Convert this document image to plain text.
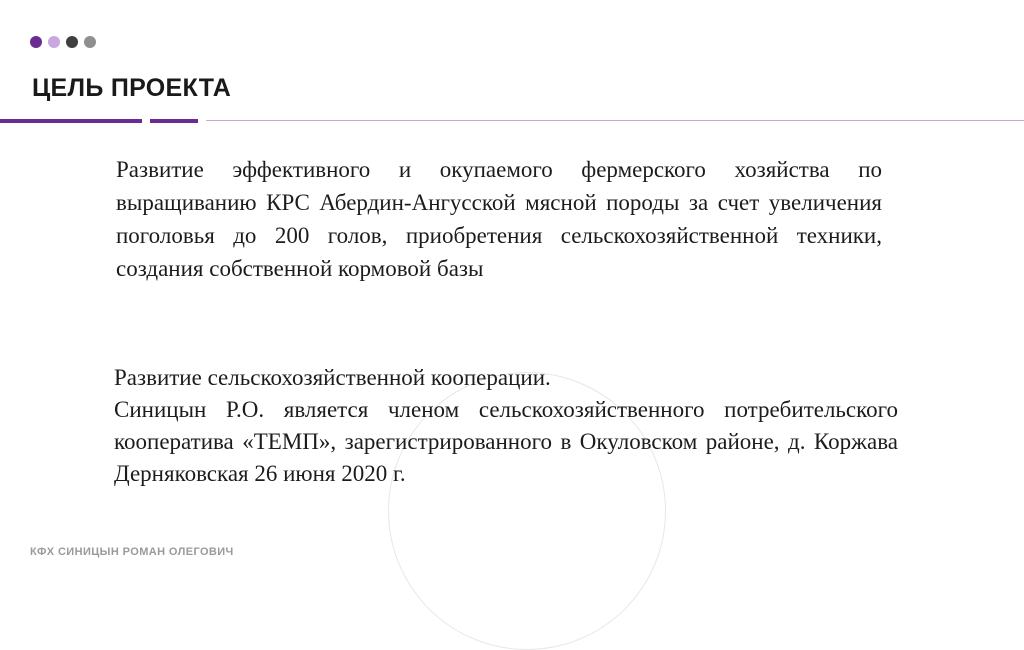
ЦЕЛЬ ПРОЕКТА
Развитие эффективного и окупаемого фермерского хозяйства по выращиванию КРС Абердин-Ангусской мясной породы за счет увеличения поголовья до 200 голов, приобретения сельскохозяйственной техники, создания собственной кормовой базы
Развитие сельскохозяйственной кооперации.
Синицын Р.О. является членом сельскохозяйственного потребительского кооператива «ТЕМП», зарегистрированного в Окуловском районе, д. Коржава Дерняковская 26 июня 2020 г.
КФХ СИНИЦЫН РОМАН ОЛЕГОВИЧ
